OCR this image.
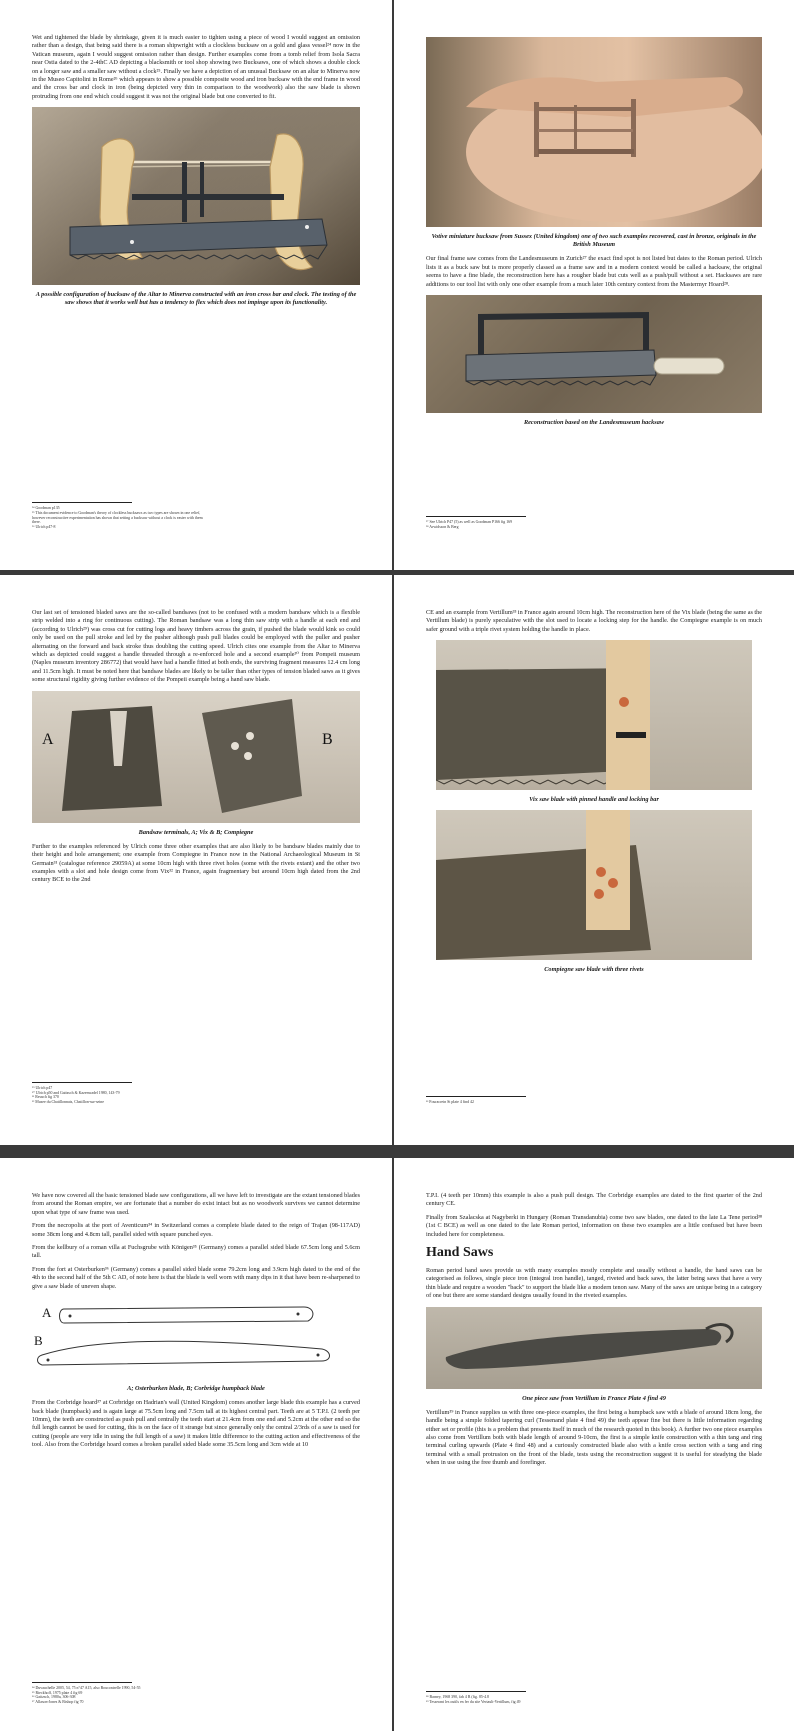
Wet and tightened the blade by shrinkage, given it is much easier to tighten using a piece of wood I would suggest an omission rather than a design, that being said there is a roman shipwright with a clockless bucksaw on a gold and glass vessel²⁴ now in the Vatican museum, again I would suggest omission rather than design. Further examples come from a tomb relief from Isola Sacra near Ostia dated to the 2-4thC AD depicting a blacksmith or tool shop showing two Bucksaws, one of which shows a double clock on a longer saw and a smaller saw without a clock²⁵. Finally we have a depiction of an unusual Bucksaw on an altar to Minerva now in the Museo Capitolini in Rome²⁶ which appears to show a possible composite wood and iron bucksaw with the end frame in wood and the cross bar and clock in iron (being depicted very thin in comparison to the woodwork) also the saw blade is shown protruding from one end which could suggest it was not the original blade but one converted to fit.

A possible configuration of bucksaw of the Altar to Minerva constructed with an iron cross bar and clock. The testing of the saw shows that it works well but has a tendency to flex which does not impinge upon its functionality.
²⁴ Goodman p135
²⁵ This document evidence to Goodman's theory of clockless bucksaws as two types are shown in one relief,
however reconstructive experimentation has shown that setting a bucksaw without a clock is easier with them
there.
²⁶ Ulrich p47-8
Votive miniature bucksaw from Sussex (United kingdom) one of two such examples recovered, cast in bronze, originals in the British Museum

Our final frame saw comes from the Landesmuseum in Zurich²⁷ the exact find spot is not listed but dates to the Roman period. Ulrich lists it as a buck saw but is more properly classed as a frame saw and in a modern context would be called a hacksaw, the original seems to have a fine blade, the reconstruction here has a rougher blade but cuts well as a push/pull without a set. Hacksaws are rare additions to our tool list with only one other example from a much later 10th century context from the Mastermyr Hoard²⁸.

Reconstruction based on the Landesmuseum hacksaw
²⁷ See Ulrich P47 (5) as well as Goodman P166 fig 169
²⁸ Arwidsson & Berg

Our last set of tensioned bladed saws are the so-called bandsaws (not to be confused with a modern bandsaw which is a flexible strip welded into a ring for continuous cutting). The Roman bandsaw was a long thin saw strip with a handle at each end and (according to Ulrich²⁹) was cross cut for cutting logs and heavy timbers across the grain, if pushed the blade would kink so could only be used on the pull stroke and led by the pusher although push pull blades could be employed with the puller and pusher alternating on the forward and back stroke thus doubling the cutting speed. Ulrich cites one example from the Altar to Minerva which as depicted could suggest a handle threaded through a re-enforced hole and a second example³⁰ from Pompeii museum (Naples museum inventory 286772) that would have had a handle fitted at both ends, the surviving fragment measures 12.4 cm long and 11.5cm high. It must be noted here that bandsaw blades are likely to be taller than other types of tension bladed saws as it gives some structural rigidity giving further evidence of the Pompeii example being a hand saw blade.

A	B
Bandsaw terminals, A; Vix & B; Compiegne

Further to the examples referenced by Ulrich come three other examples that are also likely to be bandsaw blades mainly due to their height and hole arrangement; one example from Compiegne in France now in the National Archaeological Museum in St Germain³¹ (catalogue reference 29059A) at some 10cm high with three rivet holes (some with the rivets extant) and the other two examples with a slot and hole design come from Vix³² in France, again fragmentary but around 10cm high dated from the 2nd century BCE to the 2nd

²⁹ Ulrich p47
³⁰ Ulrich p50 and Gaitzsch & Kazenwadel 1980, 143-79
³¹ Reusch fig 370
³² Musee du Chatillonnais, Chatillon-sur-seine

CE and an example from Vertillum³³ in France again around 10cm high. The reconstruction here of the Vix blade (being the same as the Vertillum blade) is purely speculative with the slot used to locate a locking step for the handle. the Compiegne example is on much safer ground with a triple rivet system holding the handle in place.

Vix saw blade with pinned handle and locking bar
Compiegne saw blade with three rivets
³³ Fouracrein St plate 4 find 42

We have now covered all the basic tensioned blade saw configurations, all we have left to investigate are the extant tensioned blades from around the Roman empire, we are fortunate that a number do exist intact but as no woodwork survives we cannot determine upon what type of saw frame was used.

From the necropolis at the port of Aventicum³⁴ in Switzerland comes a complete blade dated to the reign of Trajan (98-117AD) some 38cm long and 4.8cm tall, parallel sided with square punched eyes.

From the kellbury of a roman villa at Fuchsgrube with Königen³⁵ (Germany) comes a parallel sided blade 67.5cm long and 5.6cm tall.

From the fort at Osterburken³⁶ (Germany) comes a parallel sided blade some 79.2cm long and 3.9cm high dated to the end of the 4th to the second half of the 5th C AD, of note here is that the blade is well worn with many dips in it that have been re-sharpened to give a saw blade of uneven shape.

A
B
A; Osterburken blade, B; Corbridge humpback blade

From the Corbridge hoard³⁷ at Corbridge on Hadrian's wall (United Kingdom) comes another large blade this example has a curved back blade (humpback) and is again large at 75.5cm long and 7.5cm tall at its highest central part. Teeth are at 5 T.P.I. (2 teeth per 10mm), the teeth are constructed as push pull and centrally the teeth start at 21.4cm from one end and 5.2cm at the other end so the full length cannot be used for cutting, this is on the face of it strange but since generally only the central 2/3rds of a saw is used for cutting (people are very idle in using the full length of a saw) it makes little difference to the cutting action and effectiveness of the tool. Also from the Corbridge hoard comes a broken parallel sided blade some 35.5cm long and 3cm wide at 10

³⁴ Duvauchelle 2005, 54, 75 n°47 A15, also Boucontrelle 1990, 54-55
³⁵ Rieckhoff, 1975 plate 4 fig 69
³⁶ Gaitzsch, 1980a, 306-308
³⁷ Allason-Jones & Bishop fig 70

T.P.I. (4 teeth per 10mm) this example is also a push pull design. The Corbridge examples are dated to the first quarter of the 2nd century CE.

Finally from Szalacska at Nagyberki in Hungary (Roman Transdanubia) come two saw blades, one dated to the late La Tene period³⁸ (1st C BCE) as well as one dated to the late Roman period, information on these two examples are a little confused but have been included here for completeness.

Hand Saws

Roman period hand saws provide us with many examples mostly complete and usually without a handle, the hand saws can be categorised as follows, single piece iron (integral iron handle), tanged, riveted and back saws, the latter being saws that have a very thin blade and require a wooden "back" to support the blade like a modern tenon saw. Many of the saws are unique being in a category of one but there are some standard designs usually found in the riveted examples.

One piece saw from Vertillum in France Plate 4 find 49

Vertillum³⁹ in France supplies us with three one-piece examples, the first being a humpback saw with a blade of around 18cm long, the handle being a simple folded tapering curl (Tessenand plate 4 find 49) the teeth appear fine but there is little information regarding either set or profile (this is a problem that presents itself in much of the research quoted in this book). A further two one piece examples also come from Vertillum both with blade length of around 9-10cm, the first is a simple knife construction with a thin tang and ring terminal curling upwards (Plate 4 find 48) and a curiously constructed blade also with a knife cross section with a tang and ring terminal with a small protrusion on the front of the blade, tests using the reconstruction suggest it is useful for steadying the blade when in use using the free thumb and forefinger.

³⁸ Barney, 1968 390, fab 4 R (fig. 85-4.8
³⁹ Tesserant les outils en fer du site Vertault-Vertillum, fig 49
